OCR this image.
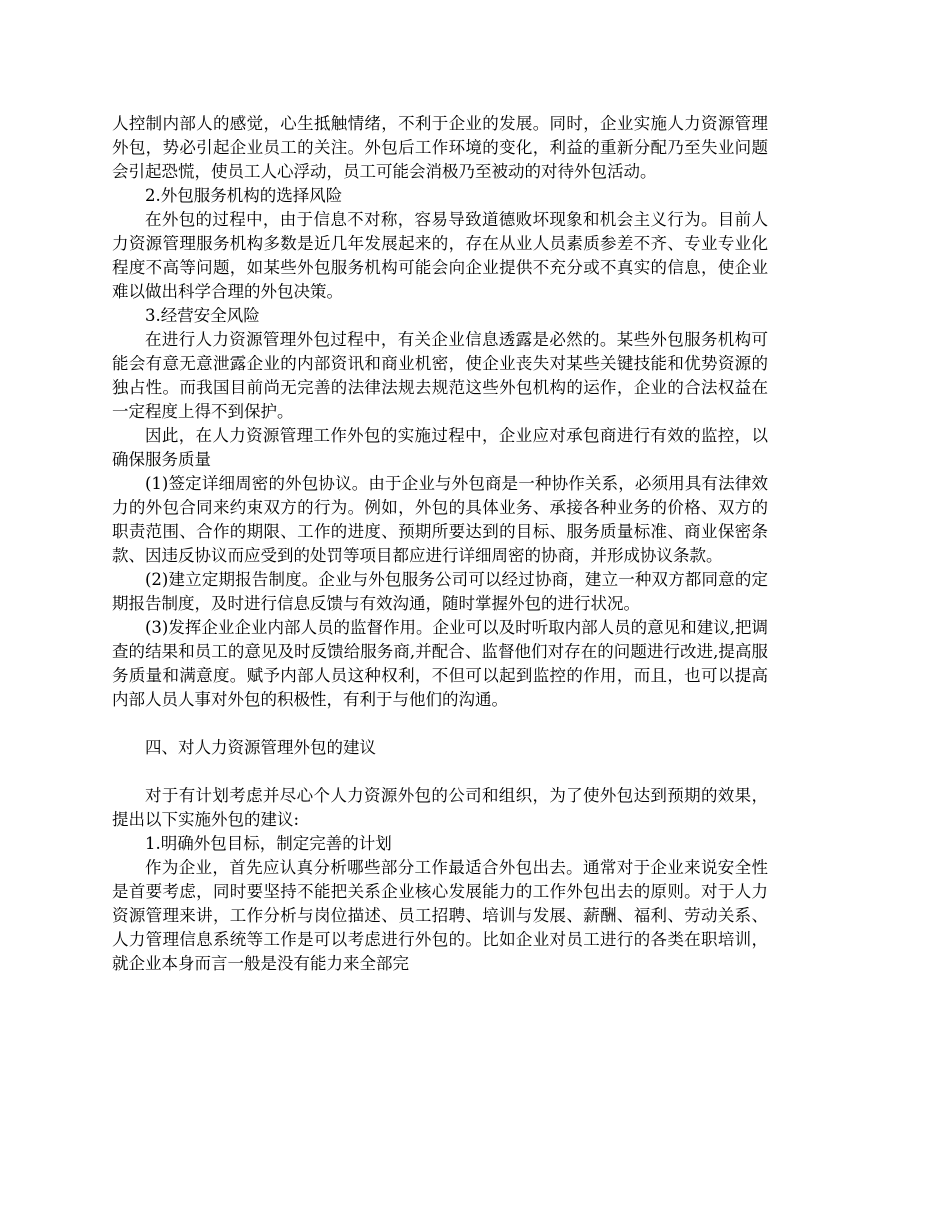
人控制内部人的感觉，心生抵触情绪，不利于企业的发展。同时，企业实施人力资源管理外包，势必引起企业员工的关注。外包后工作环境的变化，利益的重新分配乃至失业问题会引起恐慌，使员工人心浮动，员工可能会消极乃至被动的对待外包活动。

2.外包服务机构的选择风险

在外包的过程中，由于信息不对称，容易导致道德败坏现象和机会主义行为。目前人力资源管理服务机构多数是近几年发展起来的，存在从业人员素质参差不齐、专业专业化程度不高等问题，如某些外包服务机构可能会向企业提供不充分或不真实的信息，使企业难以做出科学合理的外包决策。

3.经营安全风险

在进行人力资源管理外包过程中，有关企业信息透露是必然的。某些外包服务机构可能会有意无意泄露企业的内部资讯和商业机密，使企业丧失对某些关键技能和优势资源的独占性。而我国目前尚无完善的法律法规去规范这些外包机构的运作，企业的合法权益在一定程度上得不到保护。

因此，在人力资源管理工作外包的实施过程中，企业应对承包商进行有效的监控，以确保服务质量

(1)签定详细周密的外包协议。由于企业与外包商是一种协作关系，必须用具有法律效力的外包合同来约束双方的行为。例如，外包的具体业务、承接各种业务的价格、双方的职责范围、合作的期限、工作的进度、预期所要达到的目标、服务质量标准、商业保密条款、因违反协议而应受到的处罚等项目都应进行详细周密的协商，并形成协议条款。

(2)建立定期报告制度。企业与外包服务公司可以经过协商，建立一种双方都同意的定期报告制度，及时进行信息反馈与有效沟通，随时掌握外包的进行状况。

(3)发挥企业企业内部人员的监督作用。企业可以及时听取内部人员的意见和建议,把调查的结果和员工的意见及时反馈给服务商,并配合、监督他们对存在的问题进行改进,提高服务质量和满意度。赋予内部人员这种权利，不但可以起到监控的作用，而且，也可以提高内部人员人事对外包的积极性，有利于与他们的沟通。

四、对人力资源管理外包的建议

对于有计划考虑并尽心个人力资源外包的公司和组织，为了使外包达到预期的效果，提出以下实施外包的建议:

1.明确外包目标，制定完善的计划

作为企业，首先应认真分析哪些部分工作最适合外包出去。通常对于企业来说安全性是首要考虑，同时要坚持不能把关系企业核心发展能力的工作外包出去的原则。对于人力资源管理来讲，工作分析与岗位描述、员工招聘、培训与发展、薪酬、福利、劳动关系、人力管理信息系统等工作是可以考虑进行外包的。比如企业对员工进行的各类在职培训，就企业本身而言一般是没有能力来全部完
